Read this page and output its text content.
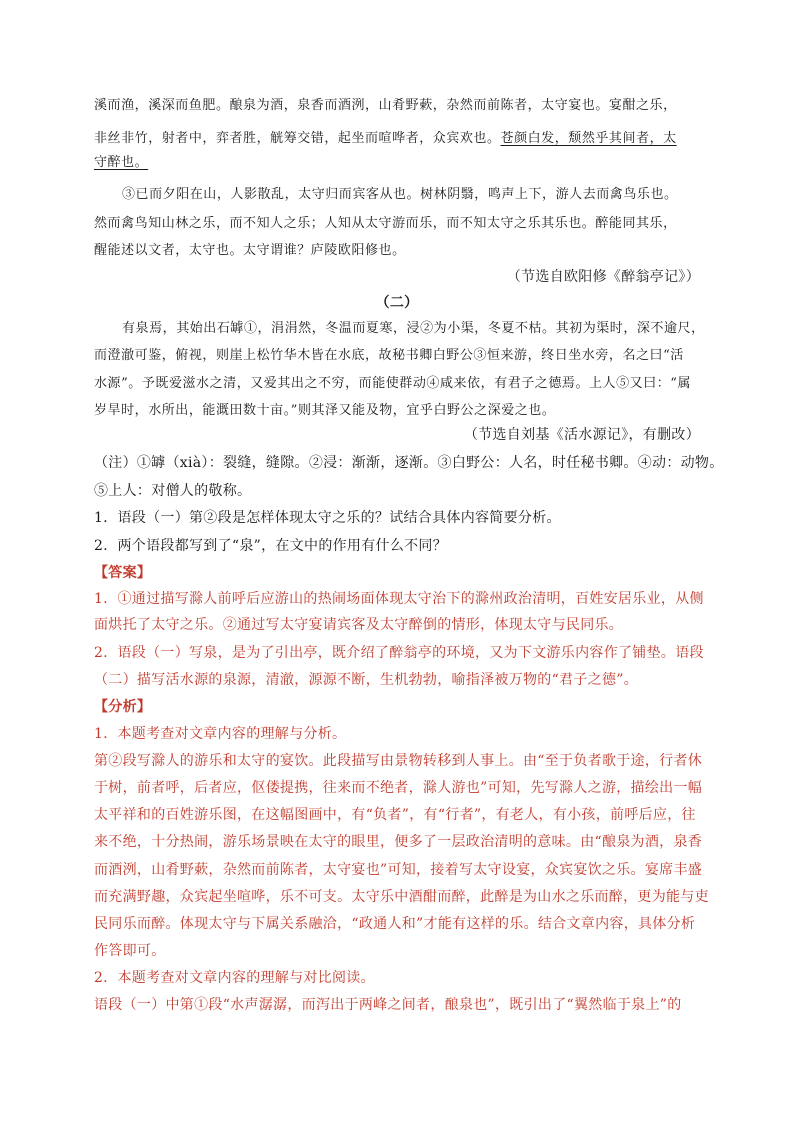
溪而渔，溪深而鱼肥。酿泉为酒，泉香而酒洌，山肴野蔌，杂然而前陈者，太守宴也。宴酣之乐，
非丝非竹，射者中，弈者胜，觥筹交错，起坐而喧哗者，众宾欢也。苍颜白发，颓然乎其间者，太
守醉也。
③已而夕阳在山，人影散乱，太守归而宾客从也。树林阴翳，鸣声上下，游人去而禽鸟乐也。
然而禽鸟知山林之乐，而不知人之乐；人知从太守游而乐，而不知太守之乐其乐也。醉能同其乐，
醒能述以文者，太守也。太守谓谁？庐陵欧阳修也。
（节选自欧阳修《醉翁亭记》）
（二）
有泉焉，其始出石罅①，涓涓然，冬温而夏寒，浸②为小渠，冬夏不枯。其初为渠时，深不逾尺，
而澄澈可鉴，俯视，则崖上松竹华木皆在水底，故秘书卿白野公③恒来游，终日坐水旁，名之曰“活
水源”。予既爱滋水之清，又爱其出之不穷，而能使群动④咸来依，有君子之德焉。上人⑤又曰：“属
岁旱时，水所出，能溉田数十亩。”则其泽又能及物，宜乎白野公之深爱之也。
（节选自刘基《活水源记》，有删改）
（注）①罅（xià）：裂缝，缝隙。②浸：渐渐，逐渐。③白野公：人名，时任秘书卿。④动：动物。
⑤上人：对僧人的敬称。
1．语段（一）第②段是怎样体现太守之乐的？试结合具体内容简要分析。
2．两个语段都写到了“泉”，在文中的作用有什么不同？
【答案】
1．①通过描写滁人前呼后应游山的热闹场面体现太守治下的滁州政治清明，百姓安居乐业，从侧
面烘托了太守之乐。②通过写太守宴请宾客及太守醉倒的情形，体现太守与民同乐。
2．语段（一）写泉，是为了引出亭，既介绍了醉翁亭的环境，又为下文游乐内容作了铺垫。语段
（二）描写活水源的泉源，清澈，源源不断，生机勃勃，喻指泽被万物的“君子之德”。
【分析】
1．本题考查对文章内容的理解与分析。
第②段写滁人的游乐和太守的宴饮。此段描写由景物转移到人事上。由“至于负者歌于途，行者休
于树，前者呼，后者应，伛偻提携，往来而不绝者，滁人游也”可知，先写滁人之游，描绘出一幅
太平祥和的百姓游乐图，在这幅图画中，有“负者”，有“行者”，有老人，有小孩，前呼后应，往
来不绝，十分热闹，游乐场景映在太守的眼里，便多了一层政治清明的意味。由“酿泉为酒，泉香
而酒洌，山肴野蔌，杂然而前陈者，太守宴也”可知，接着写太守设宴，众宾宴饮之乐。宴席丰盛
而充满野趣，众宾起坐喧哗，乐不可支。太守乐中酒酣而醉，此醉是为山水之乐而醉，更为能与吏
民同乐而醉。体现太守与下属关系融洽，“政通人和”才能有这样的乐。结合文章内容，具体分析
作答即可。
2．本题考查对文章内容的理解与对比阅读。
语段（一）中第①段“水声潺潺，而泻出于两峰之间者，酿泉也”，既引出了“翼然临于泉上”的
